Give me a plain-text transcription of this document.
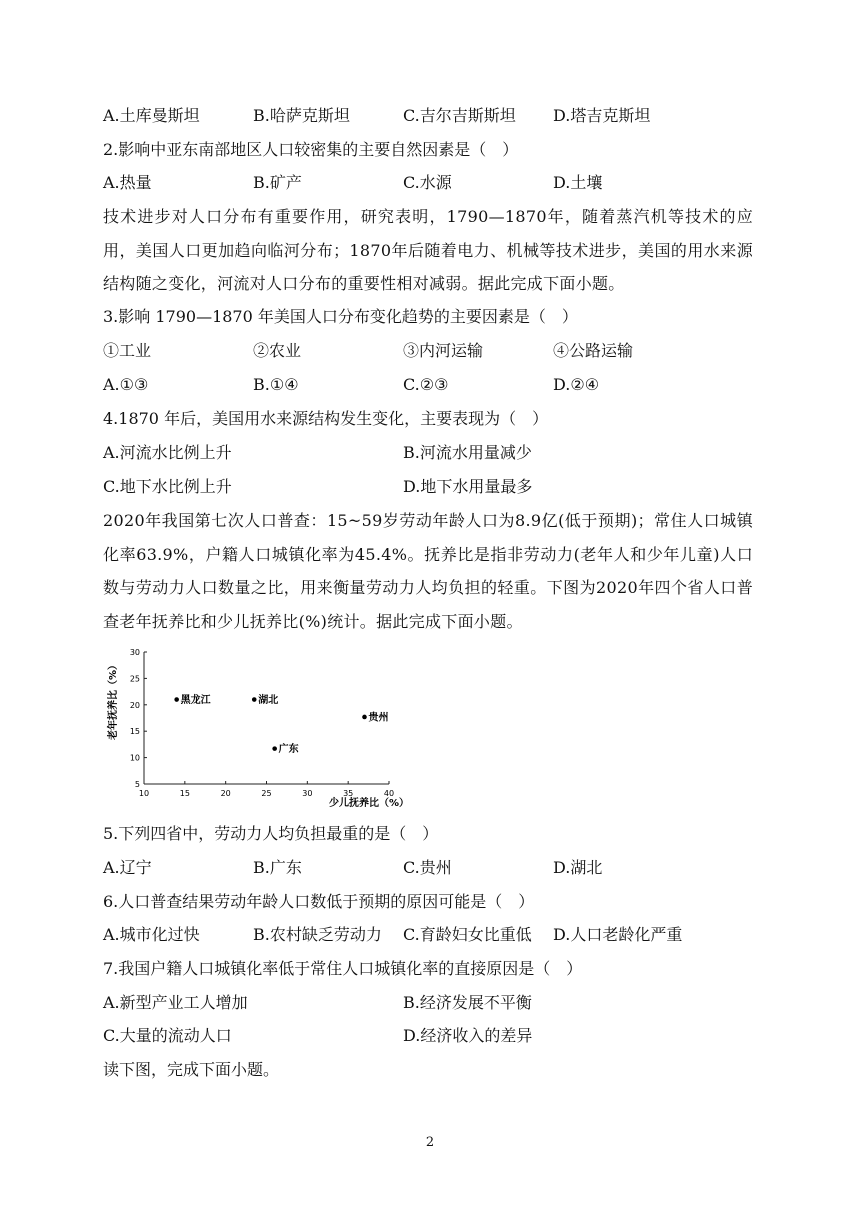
A.土库曼斯坦	B.哈萨克斯坦	C.吉尔吉斯斯坦 D.塔吉克斯坦
2.影响中亚东南部地区人口较密集的主要自然因素是（　）
A.热量	B.矿产	C.水源	D.土壤
技术进步对人口分布有重要作用，研究表明，1790—1870年，随着蒸汽机等技术的应用，美国人口更加趋向临河分布；1870年后随着电力、机械等技术进步，美国的用水来源结构随之变化，河流对人口分布的重要性相对减弱。据此完成下面小题。
3.影响 1790—1870 年美国人口分布变化趋势的主要因素是（　）
①工业	②农业	③内河运输	④公路运输
A.①③	B.①④	C.②③	D.②④
4.1870 年后，美国用水来源结构发生变化，主要表现为（　）
A.河流水比例上升	B.河流水用量减少
C.地下水比例上升	D.地下水用量最多
2020年我国第七次人口普查：15~59岁劳动年龄人口为8.9亿(低于预期)；常住人口城镇化率63.9%，户籍人口城镇化率为45.4%。抚养比是指非劳动力(老年人和少年儿童)人口数与劳动力人口数量之比，用来衡量劳动力人均负担的轻重。下图为2020年四个省人口普查老年抚养比和少儿抚养比(%)统计。据此完成下面小题。
10	15	20	25	30	35	40
5
10
15
20
25
30
黑龙江	湖北
贵州
广东
老年抚养比（%）
少儿抚养比（%）
5.下列四省中，劳动力人均负担最重的是（　）
A.辽宁	B.广东	C.贵州	D.湖北
6.人口普查结果劳动年龄人口数低于预期的原因可能是（　）
A.城市化过快	B.农村缺乏劳动力 C.育龄妇女比重低 D.人口老龄化严重
7.我国户籍人口城镇化率低于常住人口城镇化率的直接原因是（　）
A.新型产业工人增加	B.经济发展不平衡
C.大量的流动人口	D.经济收入的差异
读下图，完成下面小题。
2
